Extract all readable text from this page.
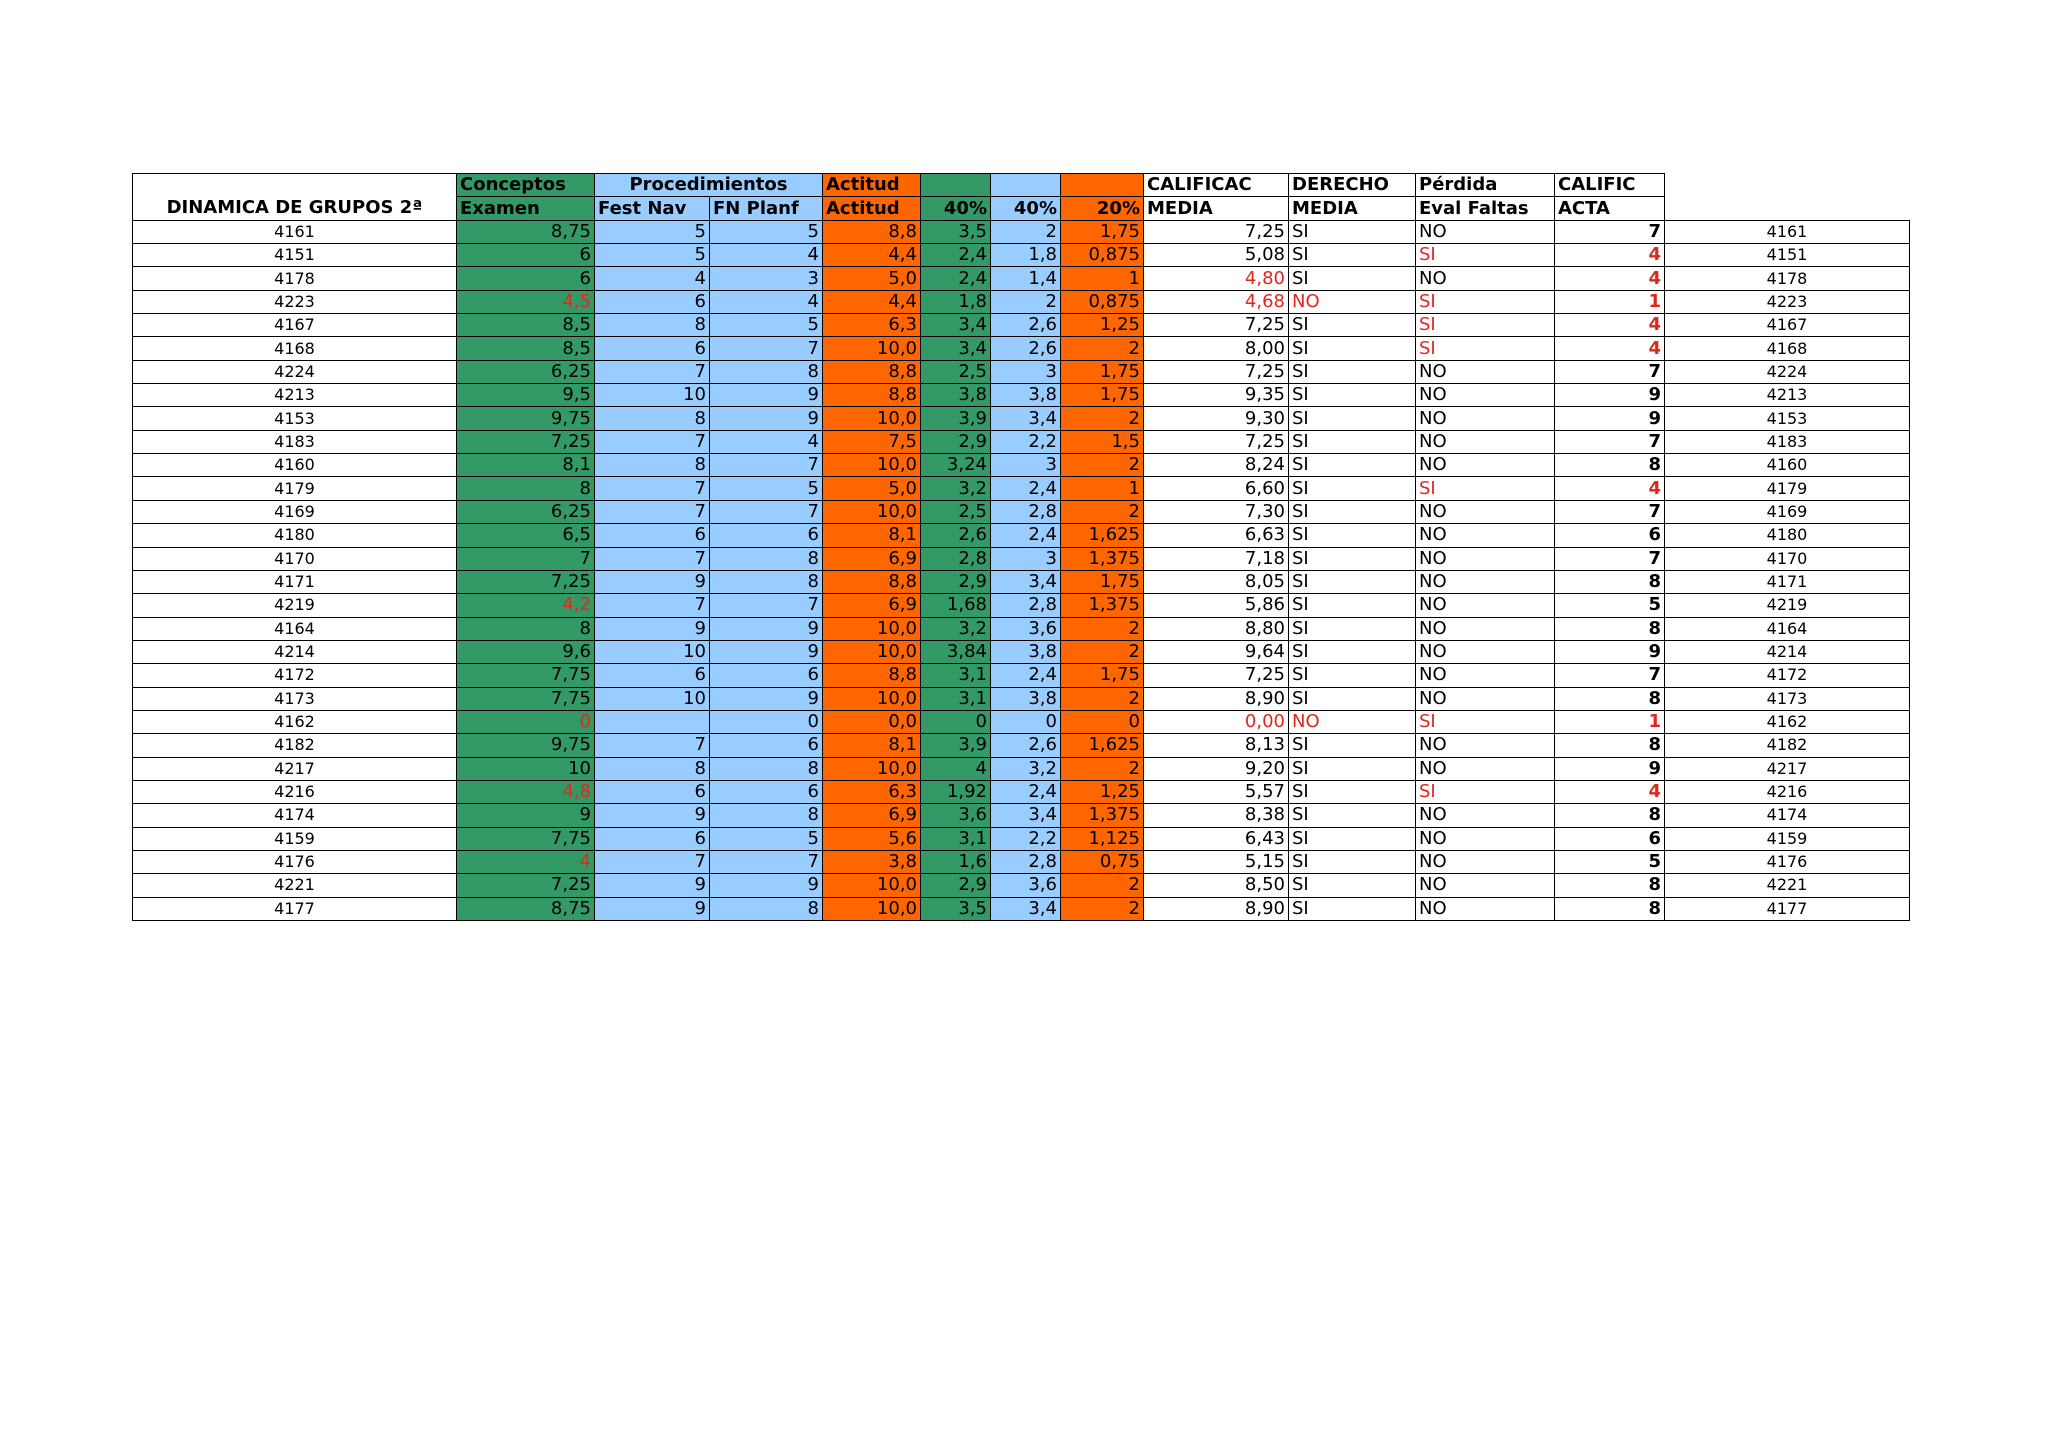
	Conceptos	Procedimientos		Actitud				CALIFICAC	DERECHO	Pérdida	CALIFIC	
DINAMICA DE GRUPOS 2ª	Examen	Fest Nav	FN Planf	Actitud	40%	40%	20%	MEDIA	MEDIA	Eval Faltas	ACTA	
4161	8,75	5	5	8,8	3,5	2	1,75	7,25	SI	NO	7	4161
4151	6	5	4	4,4	2,4	1,8	0,875	5,08	SI	SI	4	4151
4178	6	4	3	5,0	2,4	1,4	1	4,80	SI	NO	4	4178
4223	4,5	6	4	4,4	1,8	2	0,875	4,68	NO	SI	1	4223
4167	8,5	8	5	6,3	3,4	2,6	1,25	7,25	SI	SI	4	4167
4168	8,5	6	7	10,0	3,4	2,6	2	8,00	SI	SI	4	4168
4224	6,25	7	8	8,8	2,5	3	1,75	7,25	SI	NO	7	4224
4213	9,5	10	9	8,8	3,8	3,8	1,75	9,35	SI	NO	9	4213
4153	9,75	8	9	10,0	3,9	3,4	2	9,30	SI	NO	9	4153
4183	7,25	7	4	7,5	2,9	2,2	1,5	7,25	SI	NO	7	4183
4160	8,1	8	7	10,0	3,24	3	2	8,24	SI	NO	8	4160
4179	8	7	5	5,0	3,2	2,4	1	6,60	SI	SI	4	4179
4169	6,25	7	7	10,0	2,5	2,8	2	7,30	SI	NO	7	4169
4180	6,5	6	6	8,1	2,6	2,4	1,625	6,63	SI	NO	6	4180
4170	7	7	8	6,9	2,8	3	1,375	7,18	SI	NO	7	4170
4171	7,25	9	8	8,8	2,9	3,4	1,75	8,05	SI	NO	8	4171
4219	4,2	7	7	6,9	1,68	2,8	1,375	5,86	SI	NO	5	4219
4164	8	9	9	10,0	3,2	3,6	2	8,80	SI	NO	8	4164
4214	9,6	10	9	10,0	3,84	3,8	2	9,64	SI	NO	9	4214
4172	7,75	6	6	8,8	3,1	2,4	1,75	7,25	SI	NO	7	4172
4173	7,75	10	9	10,0	3,1	3,8	2	8,90	SI	NO	8	4173
4162	0		0	0,0	0	0	0	0,00	NO	SI	1	4162
4182	9,75	7	6	8,1	3,9	2,6	1,625	8,13	SI	NO	8	4182
4217	10	8	8	10,0	4	3,2	2	9,20	SI	NO	9	4217
4216	4,8	6	6	6,3	1,92	2,4	1,25	5,57	SI	SI	4	4216
4174	9	9	8	6,9	3,6	3,4	1,375	8,38	SI	NO	8	4174
4159	7,75	6	5	5,6	3,1	2,2	1,125	6,43	SI	NO	6	4159
4176	4	7	7	3,8	1,6	2,8	0,75	5,15	SI	NO	5	4176
4221	7,25	9	9	10,0	2,9	3,6	2	8,50	SI	NO	8	4221
4177	8,75	9	8	10,0	3,5	3,4	2	8,90	SI	NO	8	4177
